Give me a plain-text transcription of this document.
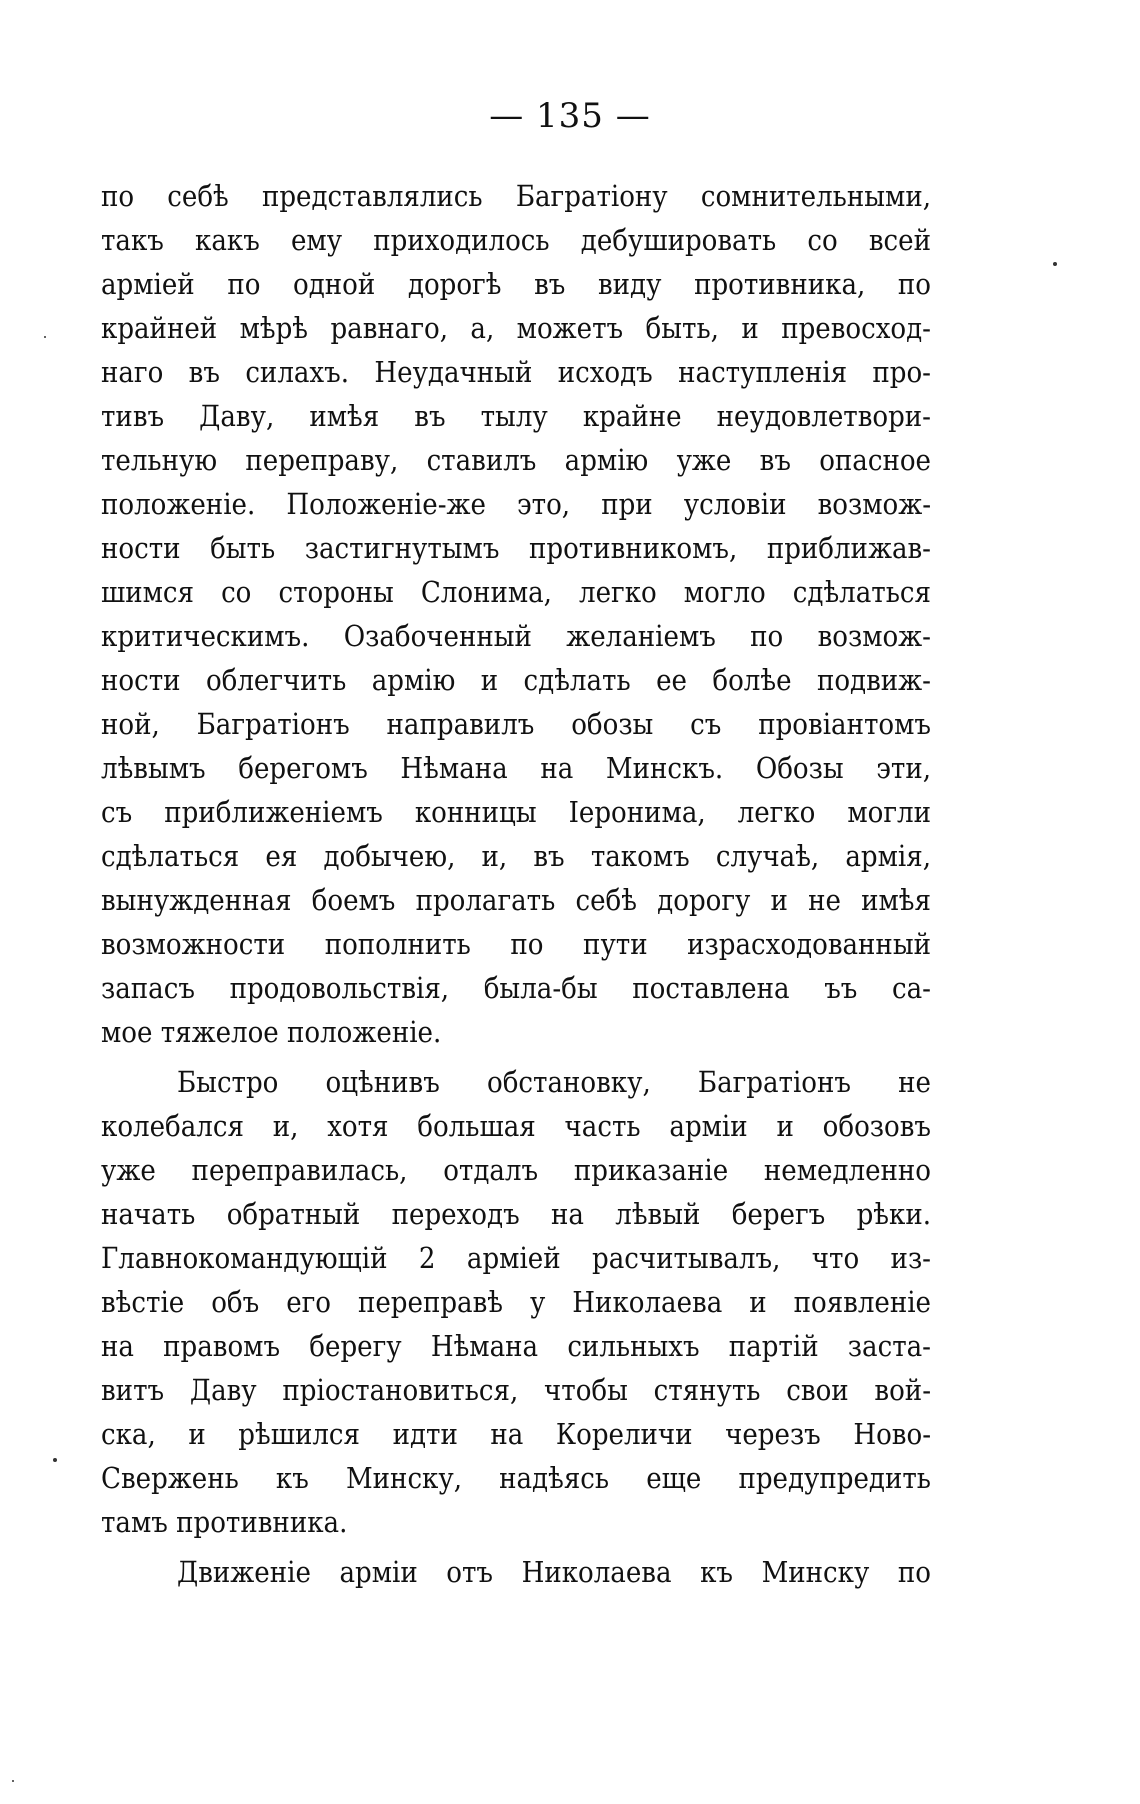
— 135 —
по себѣ представлялись Багратіону сомнительными,
такъ какъ ему приходилось дебушировать со всей
арміей по одной дорогѣ въ виду противника, по
крайней мѣрѣ равнаго, а, можетъ быть, и превосход-
наго въ силахъ. Неудачный исходъ наступленія про-
тивъ Даву, имѣя въ тылу крайне неудовлетвори-
тельную переправу, ставилъ армію уже въ опасное
положеніе. Положеніе-же это, при условіи возмож-
ности быть застигнутымъ противникомъ, приближав-
шимся со стороны Слонима, легко могло сдѣлаться
критическимъ. Озабоченный желаніемъ по возмож-
ности облегчить армію и сдѣлать ее болѣе подвиж-
ной, Багратіонъ направилъ обозы съ провіантомъ
лѣвымъ берегомъ Нѣмана на Минскъ. Обозы эти,
съ приближеніемъ конницы Іеронима, легко могли
сдѣлаться ея добычею, и, въ такомъ случаѣ, армія,
вынужденная боемъ пролагать себѣ дорогу и не имѣя
возможности пополнить по пути израсходованный
запасъ продовольствія, была-бы поставлена ъъ са-
мое тяжелое положеніе.
Быстро оцѣнивъ обстановку, Багратіонъ не
колебался и, хотя большая часть арміи и обозовъ
уже переправилась, отдалъ приказаніе немедленно
начать обратный переходъ на лѣвый берегъ рѣки.
Главнокомандующій 2 арміей расчитывалъ, что из-
вѣстіе объ его переправѣ у Николаева и появленіе
на правомъ берегу Нѣмана сильныхъ партій заста-
витъ Даву пріостановиться, чтобы стянуть свои вой-
ска, и рѣшился идти на Кореличи черезъ Ново-
Свержень къ Минску, надѣясь еще предупредить
тамъ противника.
Движеніе арміи отъ Николаева къ Минску по
